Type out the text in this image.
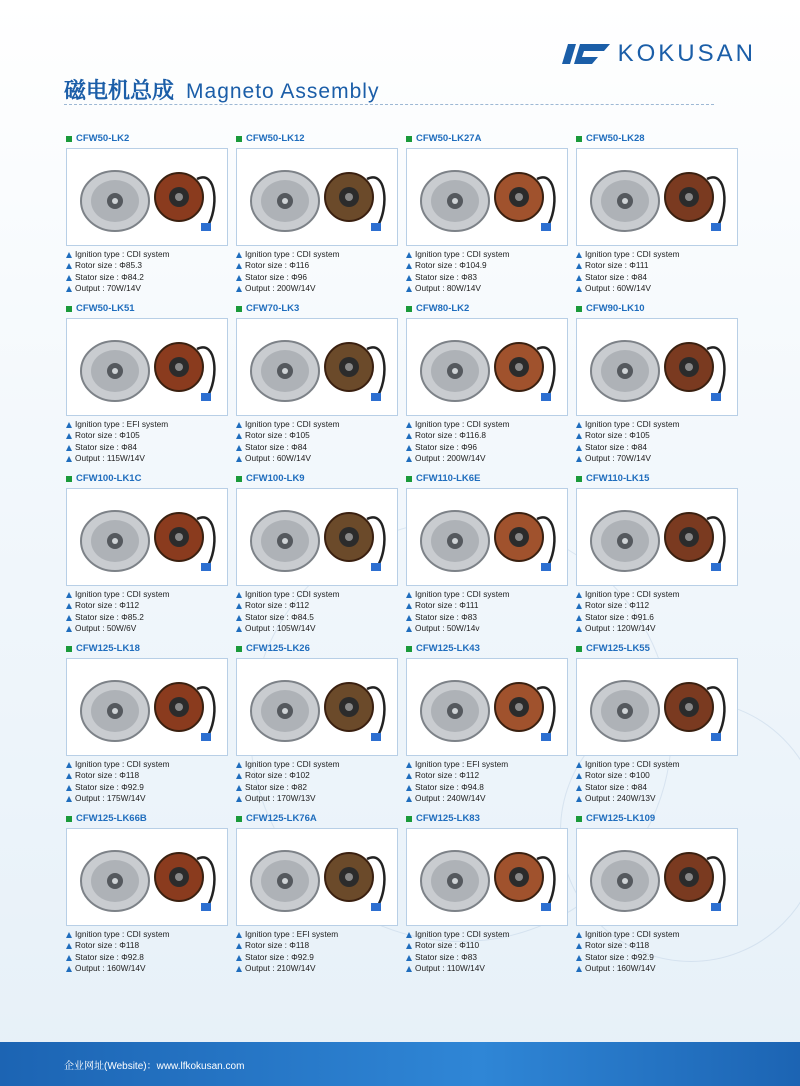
KOKUSAN
磁电机总成 Magneto Assembly
CFW50-LK2
Ignition type : CDI system
Rotor size : Φ85.3
Stator size : Φ84.2
Output : 70W/14V
CFW50-LK12
Ignition type : CDI system
Rotor size : Φ116
Stator size : Φ96
Output : 200W/14V
CFW50-LK27A
Ignition type : CDI system
Rotor size : Φ104.9
Stator size : Φ83
Output : 80W/14V
CFW50-LK28
Ignition type : CDI system
Rotor size : Φ111
Stator size : Φ84
Output : 60W/14V
CFW50-LK51
Ignition type : EFI system
Rotor size : Φ105
Stator size : Φ84
Output : 115W/14V
CFW70-LK3
Ignition type : CDI system
Rotor size : Φ105
Stator size : Φ84
Output : 60W/14V
CFW80-LK2
Ignition type : CDI system
Rotor size : Φ116.8
Stator size : Φ96
Output : 200W/14V
CFW90-LK10
Ignition type : CDI system
Rotor size : Φ105
Stator size : Φ84
Output : 70W/14V
CFW100-LK1C
Ignition type : CDI system
Rotor size : Φ112
Stator size : Φ85.2
Output : 50W/6V
CFW100-LK9
Ignition type : CDI system
Rotor size : Φ112
Stator size : Φ84.5
Output : 105W/14V
CFW110-LK6E
Ignition type : CDI system
Rotor size : Φ111
Stator size : Φ83
Output : 50W/14v
CFW110-LK15
Ignition type : CDI system
Rotor size : Φ112
Stator size : Φ91.6
Output : 120W/14V
CFW125-LK18
Ignition type : CDI system
Rotor size : Φ118
Stator size : Φ92.9
Output : 175W/14V
CFW125-LK26
Ignition type : CDI system
Rotor size : Φ102
Stator size : Φ82
Output : 170W/13V
CFW125-LK43
Ignition type : EFI system
Rotor size : Φ112
Stator size : Φ94.8
Output : 240W/14V
CFW125-LK55
Ignition type : CDI system
Rotor size : Φ100
Stator size : Φ84
Output : 240W/13V
CFW125-LK66B
Ignition type : CDI system
Rotor size : Φ118
Stator size : Φ92.8
Output : 160W/14V
CFW125-LK76A
Ignition type : EFI system
Rotor size : Φ118
Stator size : Φ92.9
Output : 210W/14V
CFW125-LK83
Ignition type : CDI system
Rotor size : Φ110
Stator size : Φ83
Output : 110W/14V
CFW125-LK109
Ignition type : CDI system
Rotor size : Φ118
Stator size : Φ92.9
Output : 160W/14V
企业网址(Website)：www.lfkokusan.com
